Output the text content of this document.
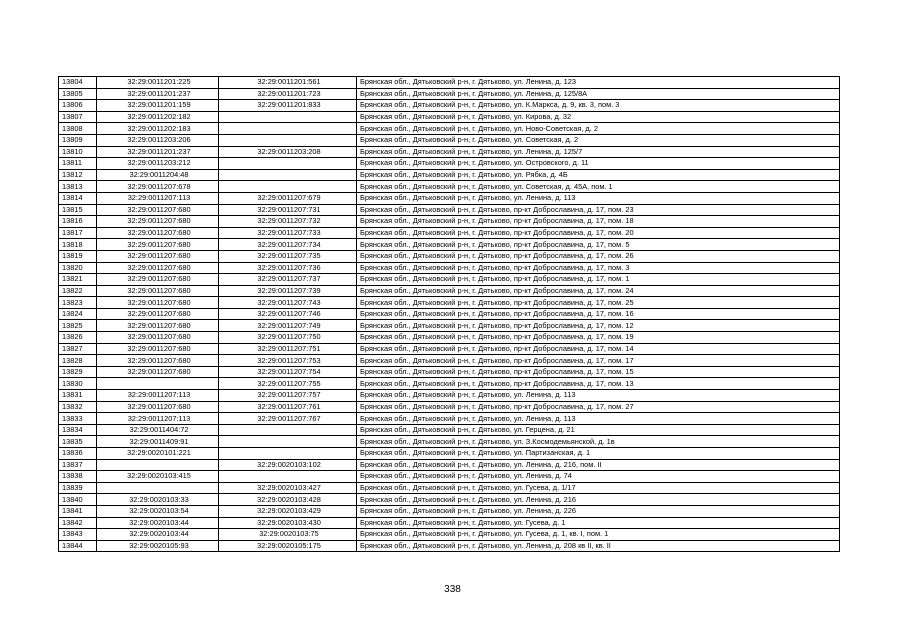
13804	32:29:0011201:225	32:29:0011201:561	Брянская обл., Дятьковский р-н, г. Дятьково, ул. Ленина, д. 123
13805	32:29:0011201:237	32:29:0011201:723	Брянская обл., Дятьковский р-н, г. Дятьково, ул. Ленина, д. 125/8А
13806	32:29:0011201:159	32:29:0011201:833	Брянская обл., Дятьковский р-н, г. Дятьково, ул. К.Маркса, д. 9, кв. 3, пом. 3
13807	32:29:0011202:182		Брянская обл., Дятьковский р-н, г. Дятьково, ул. Кирова, д. 32
13808	32:29:0011202:183		Брянская обл., Дятьковский р-н, г. Дятьково, ул. Ново-Советская, д. 2
13809	32:29:0011203:206		Брянская обл., Дятьковский р-н, г. Дятьково, ул. Советская, д. 2
13810	32:29:0011201:237	32:29:0011203:208	Брянская обл., Дятьковский р-н, г. Дятьково, ул. Ленина, д. 125/7
13811	32:29:0011203:212		Брянская обл., Дятьковский р-н, г. Дятьково, ул. Островского, д. 11
13812	32:29:0011204:48		Брянская обл., Дятьковский р-н, г. Дятьково, ул. Рябка, д. 4Б
13813	32:29:0011207:678		Брянская обл., Дятьковский р-н, г. Дятьково, ул. Советская, д. 45А, пом. 1
13814	32:29:0011207:113	32:29:0011207:679	Брянская обл., Дятьковский р-н, г. Дятьково, ул. Ленина, д. 113
13815	32:29:0011207:680	32:29:0011207:731	Брянская обл., Дятьковский р-н, г. Дятьково, пр-кт Доброславина, д. 17, пом. 23
13816	32:29:0011207:680	32:29:0011207:732	Брянская обл., Дятьковский р-н, г. Дятьково, пр-кт Доброславина, д. 17, пом. 18
13817	32:29:0011207:680	32:29:0011207:733	Брянская обл., Дятьковский р-н, г. Дятьково, пр-кт Доброславина, д. 17, пом. 20
13818	32:29:0011207:680	32:29:0011207:734	Брянская обл., Дятьковский р-н, г. Дятьково, пр-кт Доброславина, д. 17, пом. 5
13819	32:29:0011207:680	32:29:0011207:735	Брянская обл., Дятьковский р-н, г. Дятьково, пр-кт Доброславина, д. 17, пом. 26
13820	32:29:0011207:680	32:29:0011207:736	Брянская обл., Дятьковский р-н, г. Дятьково, пр-кт Доброславина, д. 17, пом. 3
13821	32:29:0011207:680	32:29:0011207:737	Брянская обл., Дятьковский р-н, г. Дятьково, пр-кт Доброславина, д. 17, пом. 1
13822	32:29:0011207:680	32:29:0011207:739	Брянская обл., Дятьковский р-н, г. Дятьково, пр-кт Доброславина, д. 17, пом. 24
13823	32:29:0011207:680	32:29:0011207:743	Брянская обл., Дятьковский р-н, г. Дятьково, пр-кт Доброславина, д. 17, пом. 25
13824	32:29:0011207:680	32:29:0011207:746	Брянская обл., Дятьковский р-н, г. Дятьково, пр-кт Доброславина, д. 17, пом. 16
13825	32:29:0011207:680	32:29:0011207:749	Брянская обл., Дятьковский р-н, г. Дятьково, пр-кт Доброславина, д. 17, пом. 12
13826	32:29:0011207:680	32:29:0011207:750	Брянская обл., Дятьковский р-н, г. Дятьково, пр-кт Доброславина, д. 17, пом. 19
13827	32:29:0011207:680	32:29:0011207:751	Брянская обл., Дятьковский р-н, г. Дятьково, пр-кт Доброславина, д. 17, пом. 14
13828	32:29:0011207:680	32:29:0011207:753	Брянская обл., Дятьковский р-н, г. Дятьково, пр-кт Доброславина, д. 17, пом. 17
13829	32:29:0011207:680	32:29:0011207:754	Брянская обл., Дятьковский р-н, г. Дятьково, пр-кт Доброславина, д. 17, пом. 15
13830		32:29:0011207:755	Брянская обл., Дятьковский р-н, г. Дятьково, пр-кт Доброславина, д. 17, пом. 13
13831	32:29:0011207:113	32:29:0011207:757	Брянская обл., Дятьковский р-н, г. Дятьково, ул. Ленина, д. 113
13832	32:29:0011207:680	32:29:0011207:761	Брянская обл., Дятьковский р-н, г. Дятьково, пр-кт Доброславина, д. 17, пом. 27
13833	32:29:0011207:113	32:29:0011207:767	Брянская обл., Дятьковский р-н, г. Дятьково, ул. Ленина, д. 113
13834	32:29:0011404:72		Брянская обл., Дятьковский р-н, г. Дятьково, ул. Герцена, д. 21
13835	32:29:0011409:91		Брянская обл., Дятьковский р-н, г. Дятьково, ул. З.Космодемьянской, д. 1в
13836	32:29:0020101:221		Брянская обл., Дятьковский р-н, г. Дятьково, ул. Партизанская, д. 1
13837		32:29:0020103:102	Брянская обл., Дятьковский р-н, г. Дятьково, ул. Ленина, д. 216, пом. II
13838	32:29:0020103:415		Брянская обл., Дятьковский р-н, г. Дятьково, ул. Ленина, д. 74
13839		32:29:0020103:427	Брянская обл., Дятьковский р-н, г. Дятьково, ул. Гусева, д. 1/17
13840	32:29:0020103:33	32:29:0020103:428	Брянская обл., Дятьковский р-н, г. Дятьково, ул. Ленина, д. 216
13841	32:29:0020103:54	32:29:0020103:429	Брянская обл., Дятьковский р-н, г. Дятьково, ул. Ленина, д. 226
13842	32:29:0020103:44	32:29:0020103:430	Брянская обл., Дятьковский р-н, г. Дятьково, ул. Гусева, д. 1
13843	32:29:0020103:44	32:29:0020103:75	Брянская обл., Дятьковский р-н, г. Дятьково, ул. Гусева, д. 1, кв. I, пом. 1
13844	32:29:0020105:93	32:29:0020105:175	Брянская обл., Дятьковский р-н, г. Дятьково, ул. Ленина, д. 208 кв II, кв. II
338
